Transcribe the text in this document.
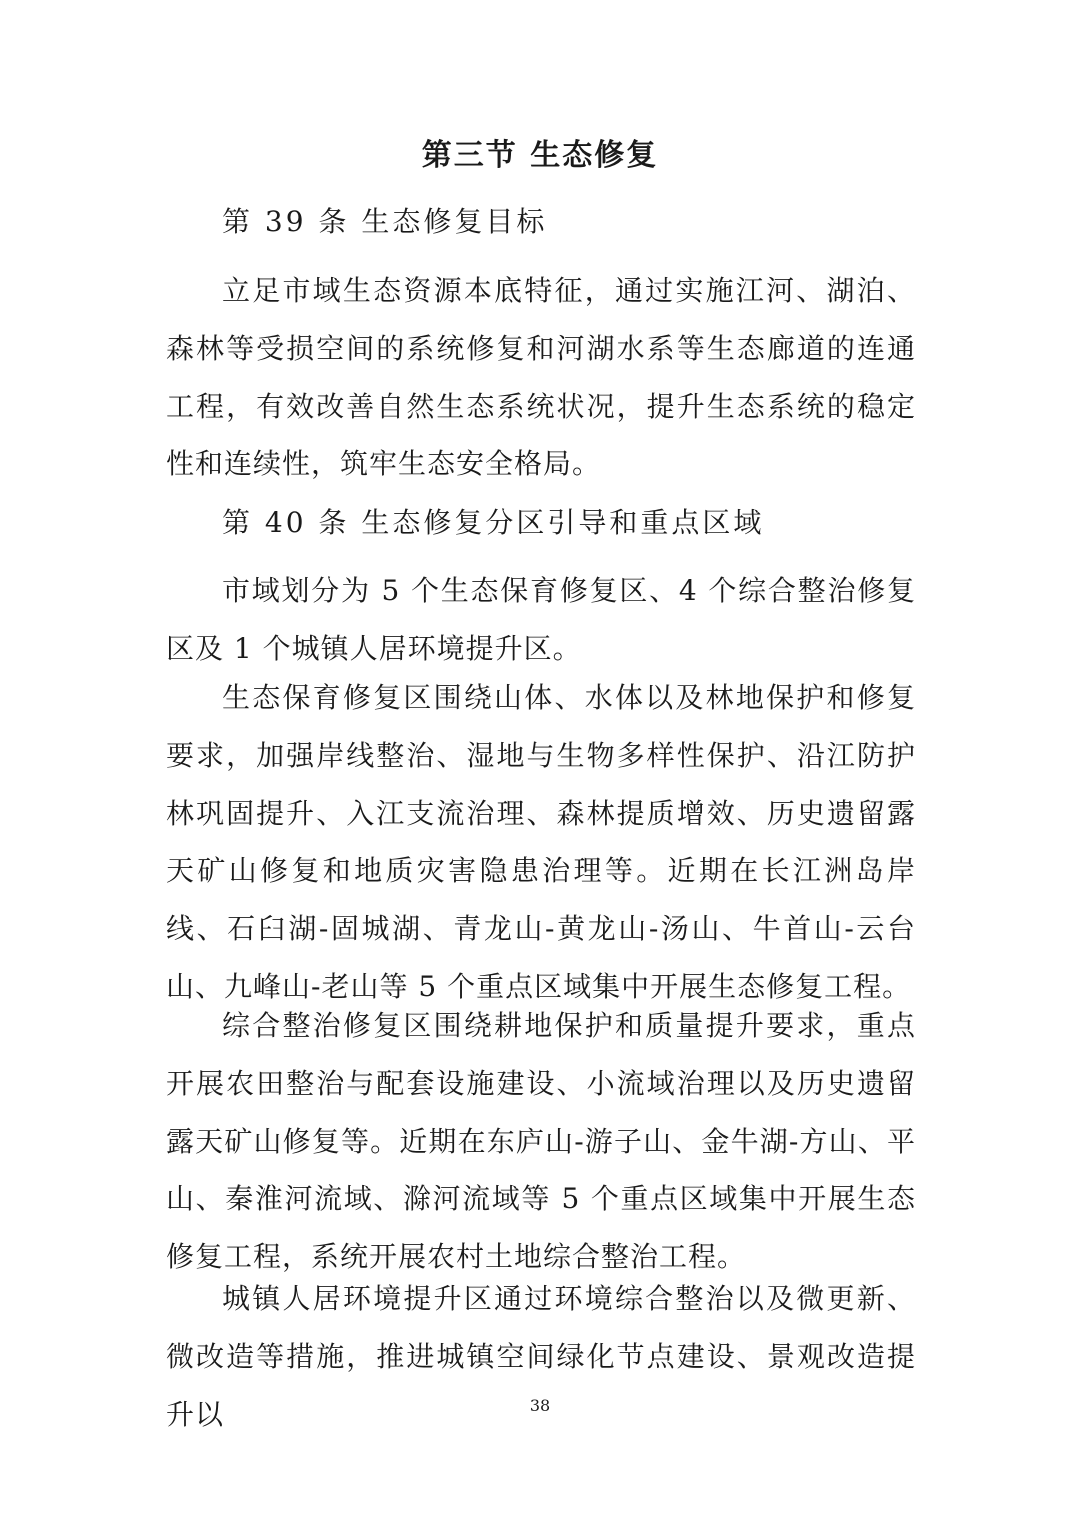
第三节 生态修复

第 39 条 生态修复目标

立足市域生态资源本底特征，通过实施江河、湖泊、森林等受损空间的系统修复和河湖水系等生态廊道的连通工程，有效改善自然生态系统状况，提升生态系统的稳定性和连续性，筑牢生态安全格局。

第 40 条 生态修复分区引导和重点区域

市域划分为 5 个生态保育修复区、4 个综合整治修复区及 1 个城镇人居环境提升区。

生态保育修复区围绕山体、水体以及林地保护和修复要求，加强岸线整治、湿地与生物多样性保护、沿江防护林巩固提升、入江支流治理、森林提质增效、历史遗留露天矿山修复和地质灾害隐患治理等。近期在长江洲岛岸线、石臼湖-固城湖、青龙山-黄龙山-汤山、牛首山-云台山、九峰山-老山等 5 个重点区域集中开展生态修复工程。

综合整治修复区围绕耕地保护和质量提升要求，重点开展农田整治与配套设施建设、小流域治理以及历史遗留露天矿山修复等。近期在东庐山-游子山、金牛湖-方山、平山、秦淮河流域、滁河流域等 5 个重点区域集中开展生态修复工程，系统开展农村土地综合整治工程。

城镇人居环境提升区通过环境综合整治以及微更新、微改造等措施，推进城镇空间绿化节点建设、景观改造提升以	38
